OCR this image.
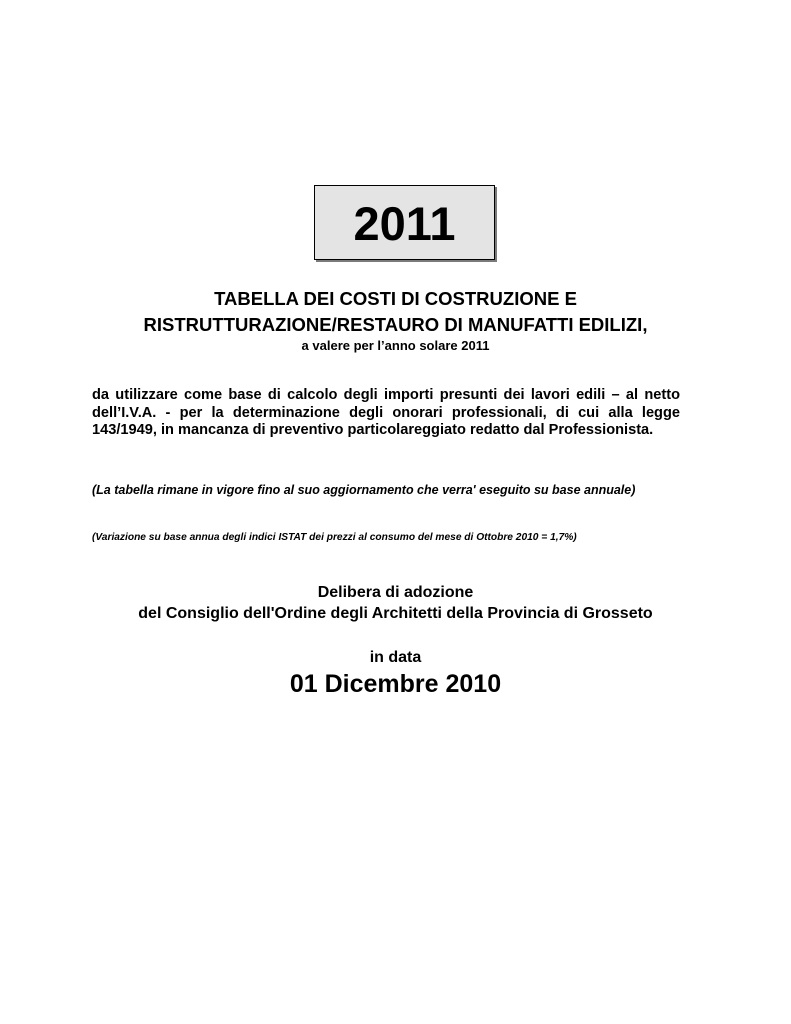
2011
TABELLA DEI COSTI DI COSTRUZIONE E
RISTRUTTURAZIONE/RESTAURO DI MANUFATTI EDILIZI,
a valere per l’anno solare 2011
da utilizzare come base di calcolo degli importi presunti dei lavori edili – al netto dell’I.V.A. - per la determinazione degli onorari professionali, di cui alla legge 143/1949, in mancanza di preventivo particolareggiato redatto dal Professionista.
(La tabella rimane in vigore fino al suo aggiornamento che verra' eseguito su base annuale)
(Variazione su base annua degli indici ISTAT dei prezzi al consumo del mese di Ottobre 2010 = 1,7%)
Delibera di adozione
del Consiglio dell'Ordine degli Architetti della Provincia di Grosseto
in data
01 Dicembre 2010
